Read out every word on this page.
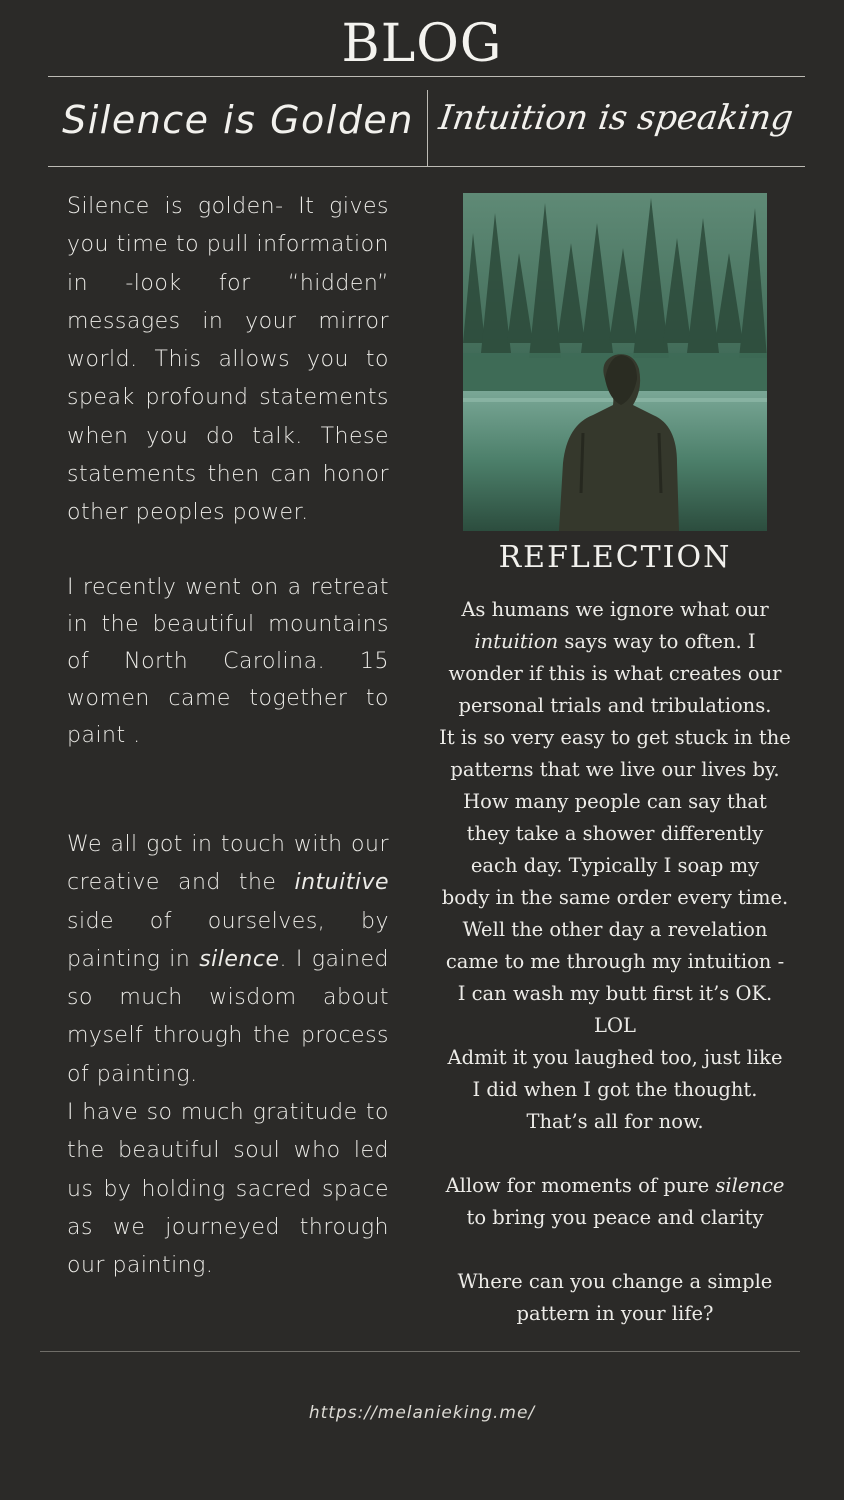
BLOG
Silence is Golden Intuition is speaking

Silence is golden- It gives you time to pull information in -look for “hidden” messages in your mirror world. This allows you to speak profound statements when you do talk. These statements then can honor other peoples power.

I recently went on a retreat in the beautiful mountains of North Carolina. 15 women came together to paint .

We all got in touch with our creative and the intuitive side of ourselves, by painting in silence. I gained so much wisdom about myself through the process of painting.
I have so much gratitude to the beautiful soul who led us by holding sacred space as we journeyed through our painting.

REFLECTION

As humans we ignore what our

intuition says way to often. I

wonder if this is what creates our

personal trials and tribulations.

It is so very easy to get stuck in the

patterns that we live our lives by.

How many people can say that

they take a shower differently

each day. Typically I soap my

body in the same order every time.

Well the other day a revelation

came to me through my intuition -

I can wash my butt first it’s OK.

LOL

Admit it you laughed too, just like

I did when I got the thought.

That’s all for now.

Allow for moments of pure silence

to bring you peace and clarity

Where can you change a simple

pattern in your life?

https://melanieking.me/
